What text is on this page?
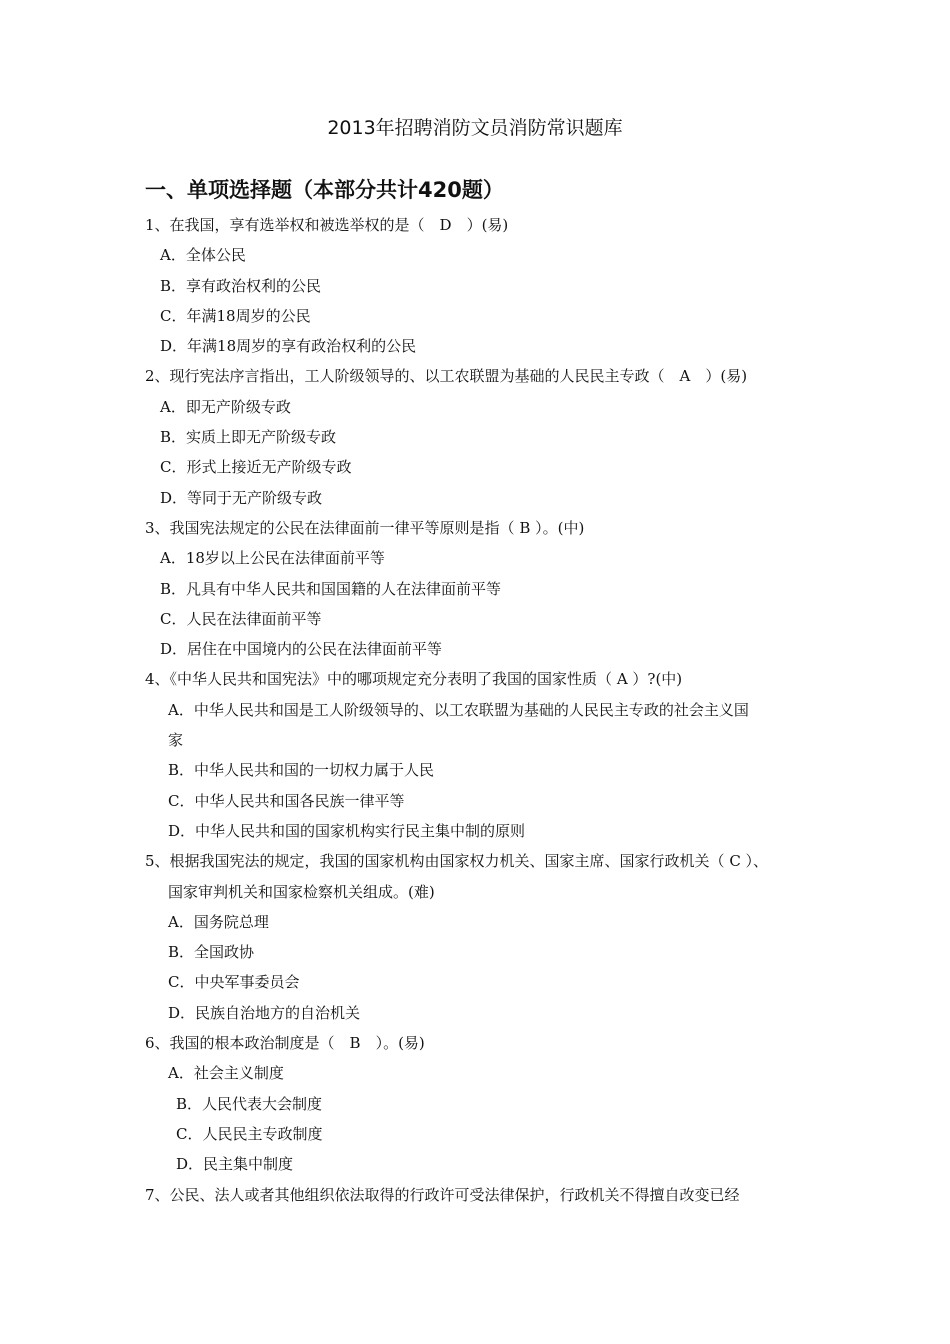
2013年招聘消防文员消防常识题库
一、单项选择题（本部分共计420题）
1、在我国，享有选举权和被选举权的是（　D　）(易)
A．全体公民
B．享有政治权利的公民
C．年满18周岁的公民
D．年满18周岁的享有政治权利的公民
2、现行宪法序言指出，工人阶级领导的、以工农联盟为基础的人民民主专政（　A　）(易)
A．即无产阶级专政
B．实质上即无产阶级专政
C．形式上接近无产阶级专政
D．等同于无产阶级专政
3、我国宪法规定的公民在法律面前一律平等原则是指（ B ）。(中)
A．18岁以上公民在法律面前平等
B．凡具有中华人民共和国国籍的人在法律面前平等
C．人民在法律面前平等
D．居住在中国境内的公民在法律面前平等
4、《中华人民共和国宪法》中的哪项规定充分表明了我国的国家性质（ A ）?(中)
A．中华人民共和国是工人阶级领导的、以工农联盟为基础的人民民主专政的社会主义国
家
B．中华人民共和国的一切权力属于人民
C．中华人民共和国各民族一律平等
D．中华人民共和国的国家机构实行民主集中制的原则
5、根据我国宪法的规定，我国的国家机构由国家权力机关、国家主席、国家行政机关（ C ）、
国家审判机关和国家检察机关组成。(难)
A．国务院总理
B．全国政协
C．中央军事委员会
D．民族自治地方的自治机关
6、我国的根本政治制度是（　B　）。(易)
A．社会主义制度
B．人民代表大会制度
C．人民民主专政制度
D．民主集中制度
7、公民、法人或者其他组织依法取得的行政许可受法律保护，行政机关不得擅自改变已经
